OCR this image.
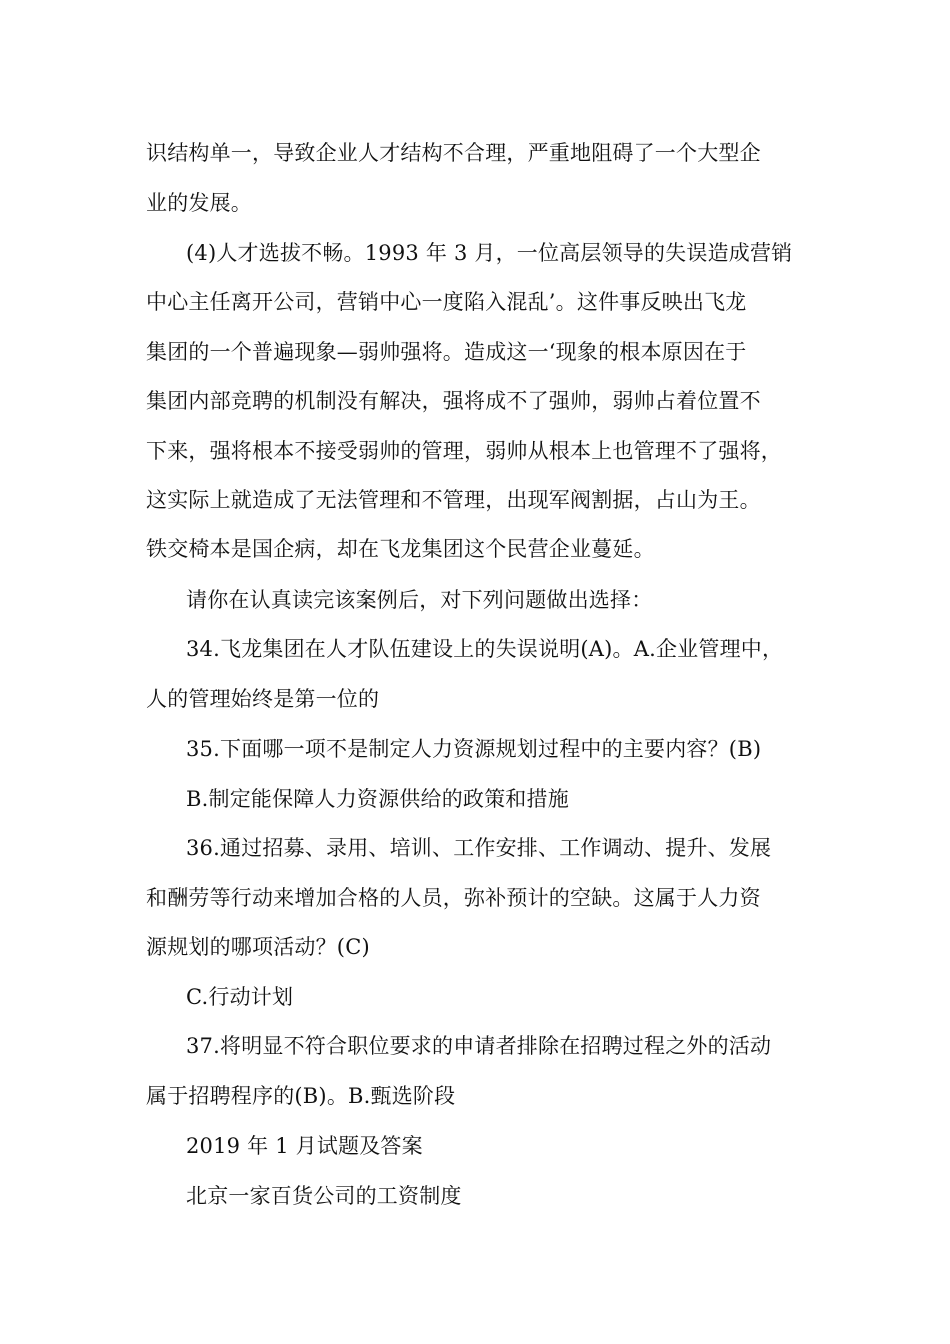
识结构单一，导致企业人才结构不合理，严重地阻碍了一个大型企
业的发展。
(4)人才选拔不畅。1993 年 3 月，一位高层领导的失误造成营销
中心主任离开公司，营销中心一度陷入混乱’。这件事反映出飞龙
集团的一个普遍现象—弱帅强将。造成这一‘现象的根本原因在于
集团内部竞聘的机制没有解决，强将成不了强帅，弱帅占着位置不
下来，强将根本不接受弱帅的管理，弱帅从根本上也管理不了强将，
这实际上就造成了无法管理和不管理，出现军阀割据，占山为王。
铁交椅本是国企病，却在飞龙集团这个民营企业蔓延。
请你在认真读完该案例后，对下列问题做出选择：
34.飞龙集团在人才队伍建设上的失误说明(A)。A.企业管理中，
人的管理始终是第一位的
35.下面哪一项不是制定人力资源规划过程中的主要内容？(B)
B.制定能保障人力资源供给的政策和措施
36.通过招募、录用、培训、工作安排、工作调动、提升、发展
和酬劳等行动来增加合格的人员，弥补预计的空缺。这属于人力资
源规划的哪项活动？(C)
C.行动计划
37.将明显不符合职位要求的申请者排除在招聘过程之外的活动
属于招聘程序的(B)。B.甄选阶段
2019 年 1 月试题及答案
北京一家百货公司的工资制度
